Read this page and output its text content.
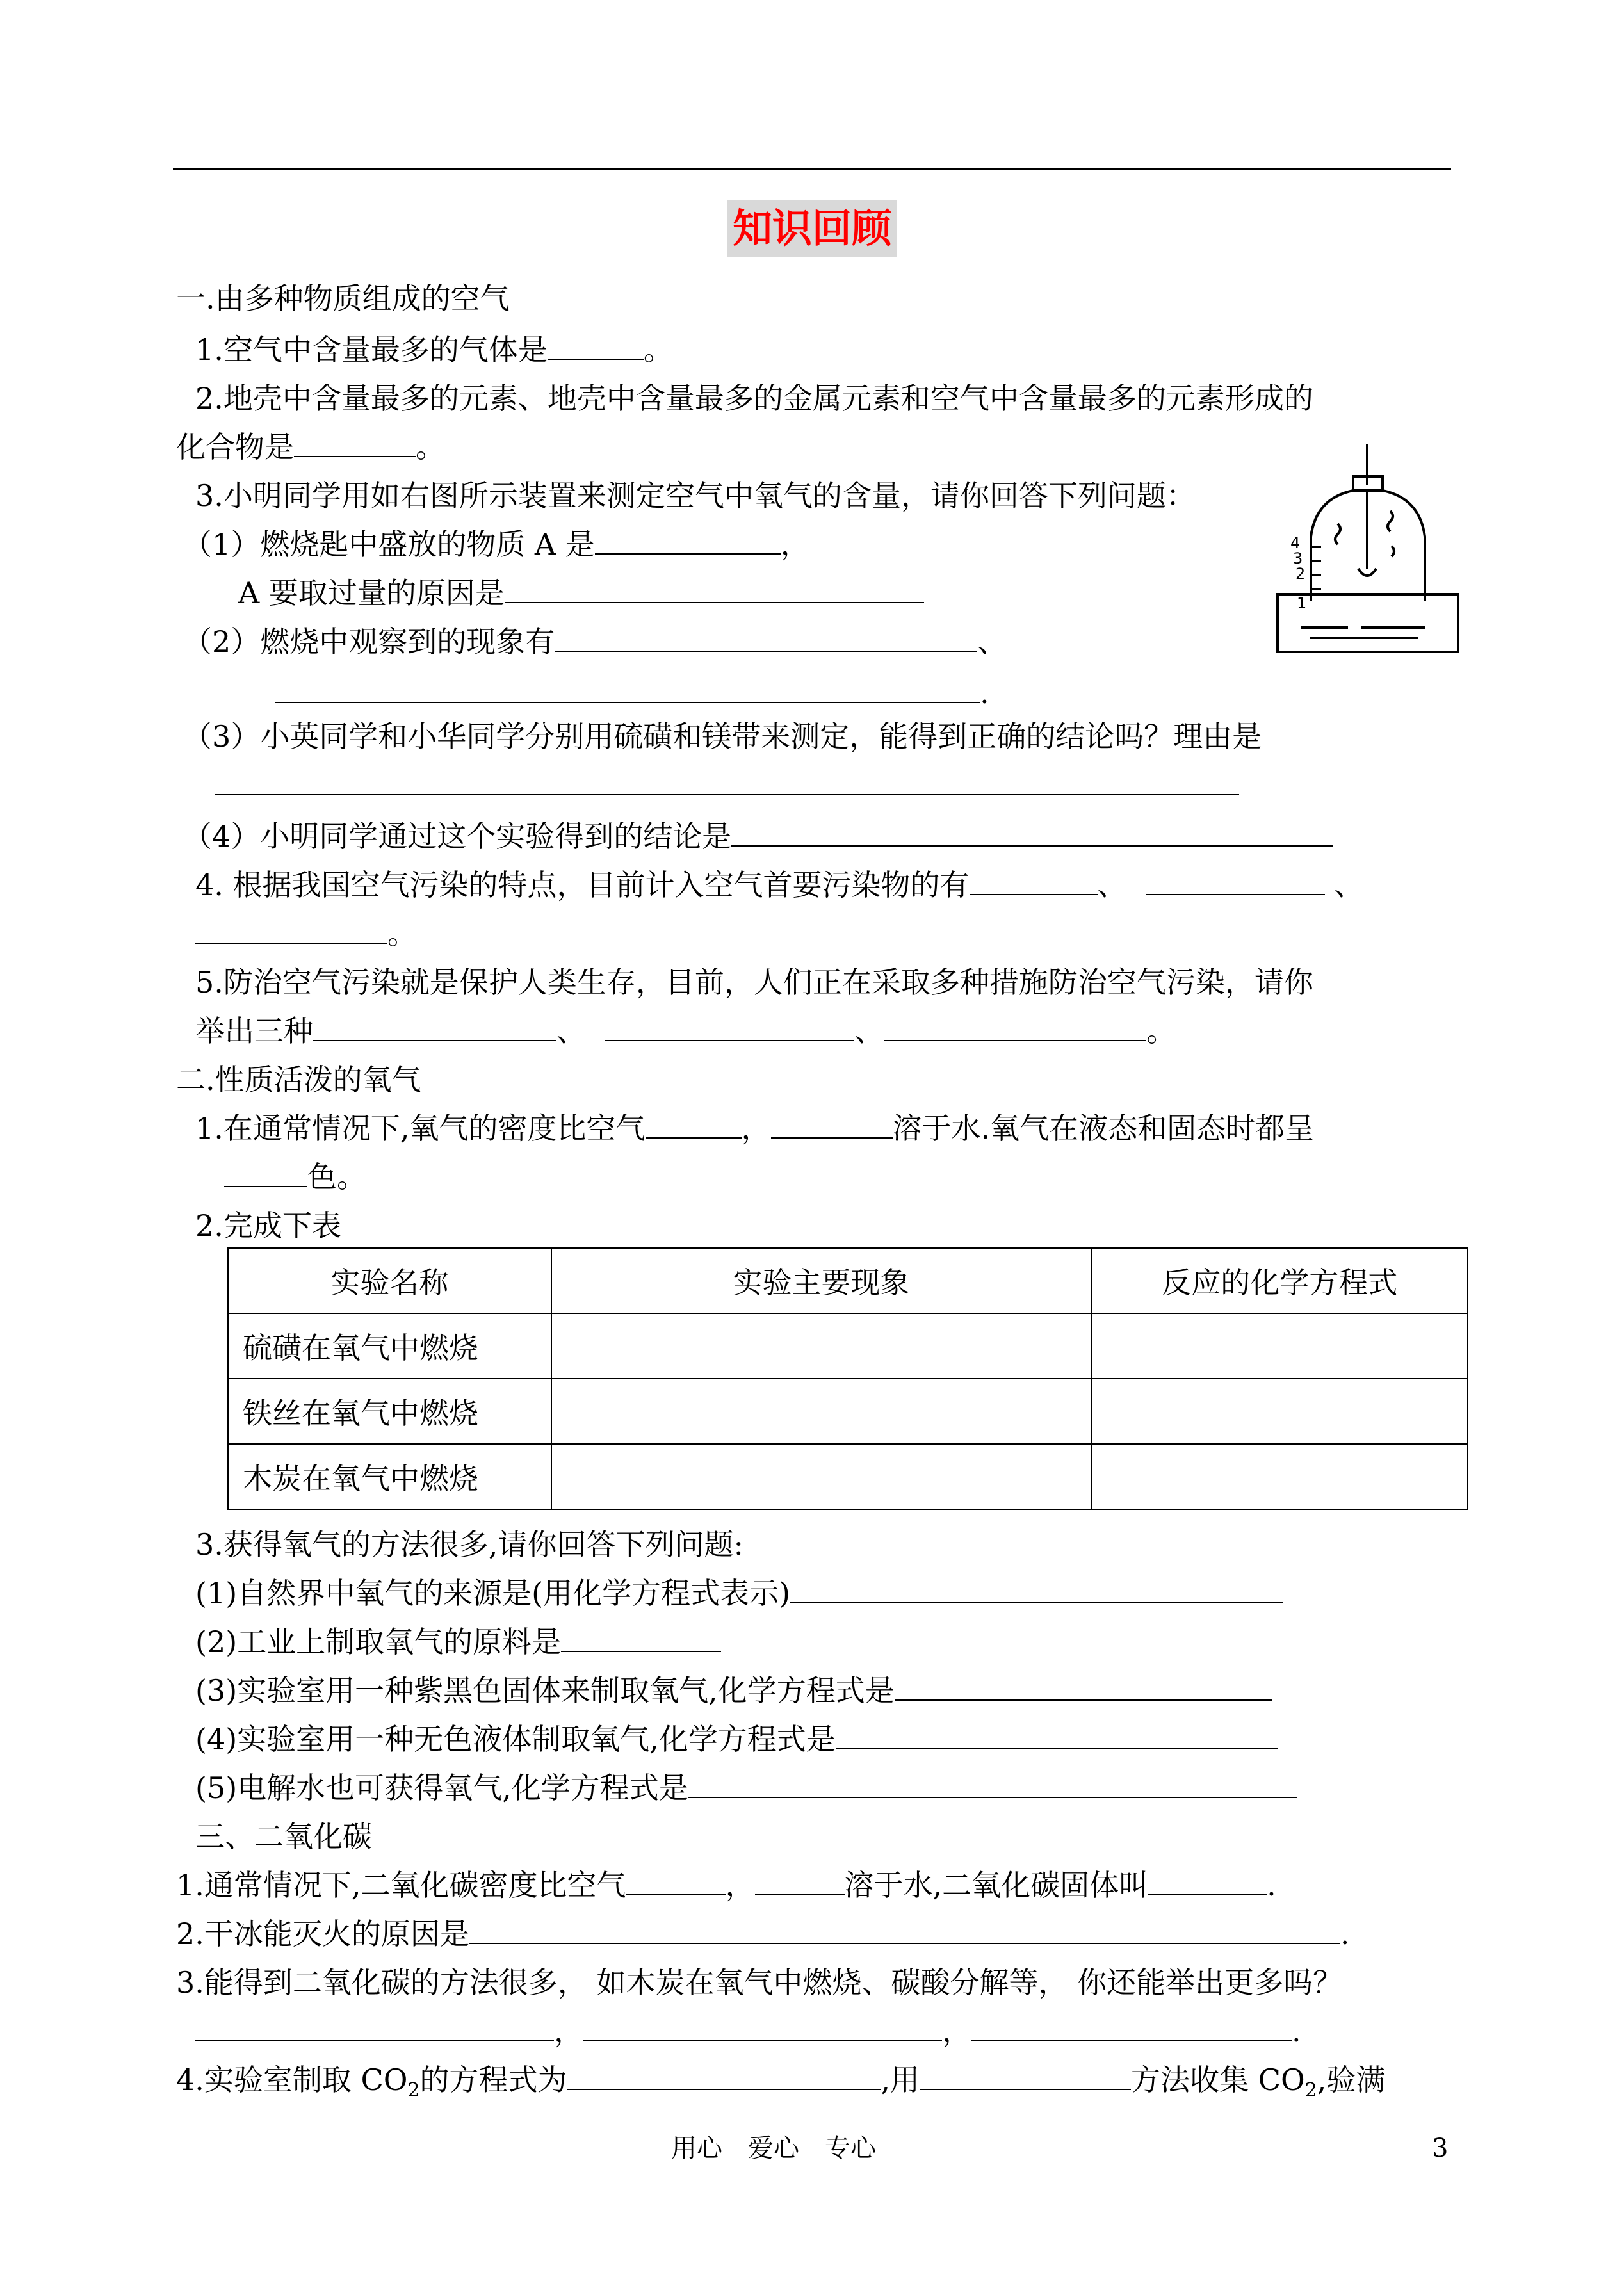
知识回顾
一.由多种物质组成的空气
1.空气中含量最多的气体是	。
2.地壳中含量最多的元素、地壳中含量最多的金属元素和空气中含量最多的元素形成的
化合物是	。
3.小明同学用如右图所示装置来测定空气中氧气的含量，请你回答下列问题：
（1）燃烧匙中盛放的物质 A 是	，
A 要取过量的原因是
（2）燃烧中观察到的现象有	、
.
（3）小英同学和小华同学分别用硫磺和镁带来测定，能得到正确的结论吗？理由是
（4）小明同学通过这个实验得到的结论是
4. 根据我国空气污染的特点，目前计入空气首要污染物的有	、	、
。
5.防治空气污染就是保护人类生存，目前，人们正在采取多种措施防治空气污染，请你
举出三种	、	、	。
4
3
2
1
二.性质活泼的氧气
1.在通常情况下,氧气的密度比空气	，	溶于水.氧气在液态和固态时都呈
色。
2.完成下表
实验名称	实验主要现象	反应的化学方程式
硫磺在氧气中燃烧		
铁丝在氧气中燃烧		
木炭在氧气中燃烧		
3.获得氧气的方法很多,请你回答下列问题:
(1)自然界中氧气的来源是(用化学方程式表示)
(2)工业上制取氧气的原料是
(3)实验室用一种紫黑色固体来制取氧气,化学方程式是
(4)实验室用一种无色液体制取氧气,化学方程式是
(5)电解水也可获得氧气,化学方程式是
三、二氧化碳
1.通常情况下,二氧化碳密度比空气	，	溶于水,二氧化碳固体叫	.
2.干冰能灭火的原因是	.
3.能得到二氧化碳的方法很多， 如木炭在氧气中燃烧、碳酸分解等， 你还能举出更多吗？
，	，	.
4.实验室制取 $CO_2$的方程式为	,用	方法收集 $CO_2$,验满
用心　爱心　专心	3
